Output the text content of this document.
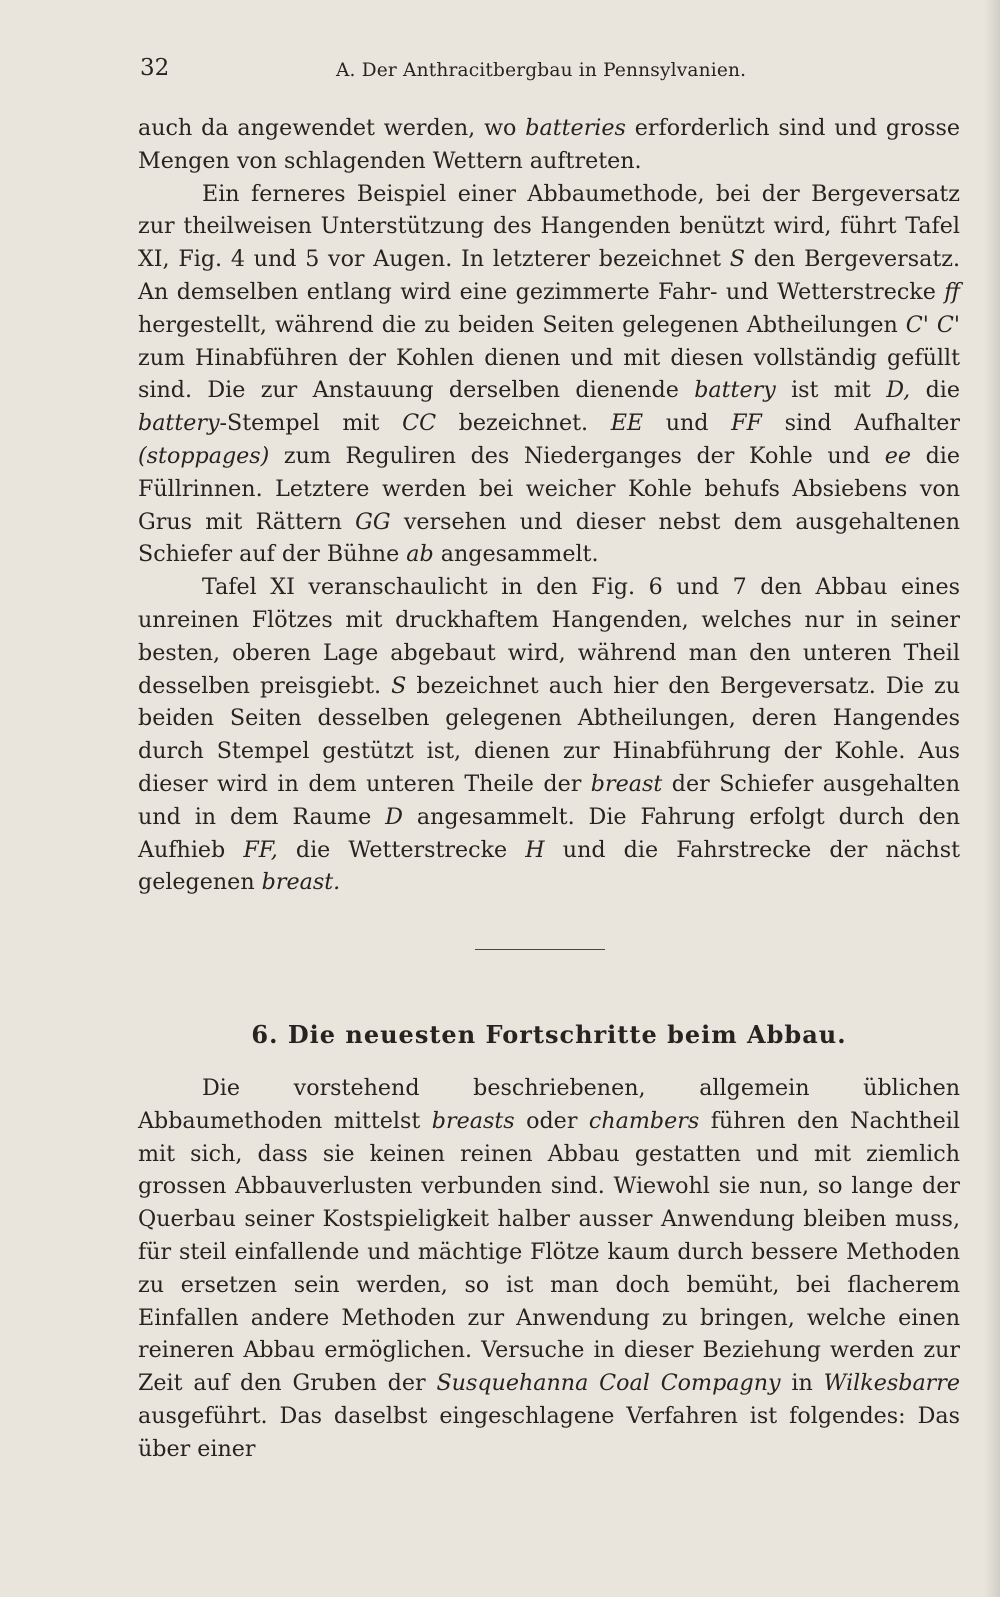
32	A. Der Anthracitbergbau in Pennsylvanien.

auch da angewendet werden, wo batteries erforderlich sind und grosse Mengen von schlagenden Wettern auftreten.

Ein ferneres Beispiel einer Abbaumethode, bei der Bergeversatz zur theilweisen Unterstützung des Hangenden benützt wird, führt Tafel XI, Fig. 4 und 5 vor Augen. In letzterer bezeichnet S den Bergeversatz. An demselben entlang wird eine gezimmerte Fahr- und Wetterstrecke ff hergestellt, während die zu beiden Seiten gelegenen Abtheilungen C' C' zum Hinabführen der Kohlen dienen und mit diesen vollständig gefüllt sind. Die zur Anstauung derselben dienende battery ist mit D, die battery-Stempel mit CC bezeichnet. EE und FF sind Aufhalter (stoppages) zum Reguliren des Niederganges der Kohle und ee die Füllrinnen. Letztere werden bei weicher Kohle behufs Absiebens von Grus mit Rättern GG versehen und dieser nebst dem ausgehaltenen Schiefer auf der Bühne ab angesammelt.

Tafel XI veranschaulicht in den Fig. 6 und 7 den Abbau eines unreinen Flötzes mit druckhaftem Hangenden, welches nur in seiner besten, oberen Lage abgebaut wird, während man den unteren Theil desselben preisgiebt. S bezeichnet auch hier den Bergeversatz. Die zu beiden Seiten desselben gelegenen Abtheilungen, deren Hangendes durch Stempel gestützt ist, dienen zur Hinabführung der Kohle. Aus dieser wird in dem unteren Theile der breast der Schiefer ausgehalten und in dem Raume D angesammelt. Die Fahrung erfolgt durch den Aufhieb FF, die Wetterstrecke H und die Fahrstrecke der nächst gelegenen breast.

6. Die neuesten Fortschritte beim Abbau.

Die vorstehend beschriebenen, allgemein üblichen Abbaumethoden mittelst breasts oder chambers führen den Nachtheil mit sich, dass sie keinen reinen Abbau gestatten und mit ziemlich grossen Abbauverlusten verbunden sind. Wiewohl sie nun, so lange der Querbau seiner Kostspieligkeit halber ausser Anwendung bleiben muss, für steil einfallende und mächtige Flötze kaum durch bessere Methoden zu ersetzen sein werden, so ist man doch bemüht, bei flacherem Einfallen andere Methoden zur Anwendung zu bringen, welche einen reineren Abbau ermöglichen. Versuche in dieser Beziehung werden zur Zeit auf den Gruben der Susquehanna Coal Compagny in Wilkesbarre ausgeführt. Das daselbst eingeschlagene Verfahren ist folgendes: Das über einer
